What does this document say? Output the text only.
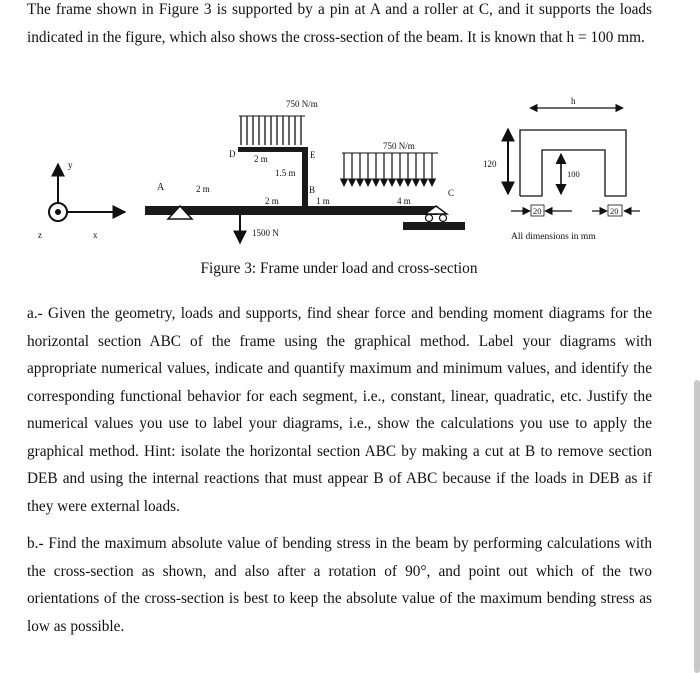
The frame shown in Figure 3 is supported by a pin at A and a roller at C, and it supports the loads indicated in the figure, which also shows the cross-section of the beam. It is known that h = 100 mm.
y
z	x
A	B	C
D	E
750 N/m
750 N/m
1500 N
2 m
2 m
1.5 m
2 m	1 m	4 m
h
120
100
20	20
All dimensions in mm
Figure 3: Frame under load and cross-section
a.- Given the geometry, loads and supports, find shear force and bending moment diagrams for the horizontal section ABC of the frame using the graphical method. Label your diagrams with appropriate numerical values, indicate and quantify maximum and minimum values, and identify the corresponding functional behavior for each segment, i.e., constant, linear, quadratic, etc. Justify the numerical values you use to label your diagrams, i.e., show the calculations you use to apply the graphical method. Hint: isolate the horizontal section ABC by making a cut at B to remove section DEB and using the internal reactions that must appear B of ABC because if the loads in DEB as if they were external loads.
b.- Find the maximum absolute value of bending stress in the beam by performing calculations with the cross-section as shown, and also after a rotation of 90°, and point out which of the two orientations of the cross-section is best to keep the absolute value of the maximum bending stress as low as possible.
